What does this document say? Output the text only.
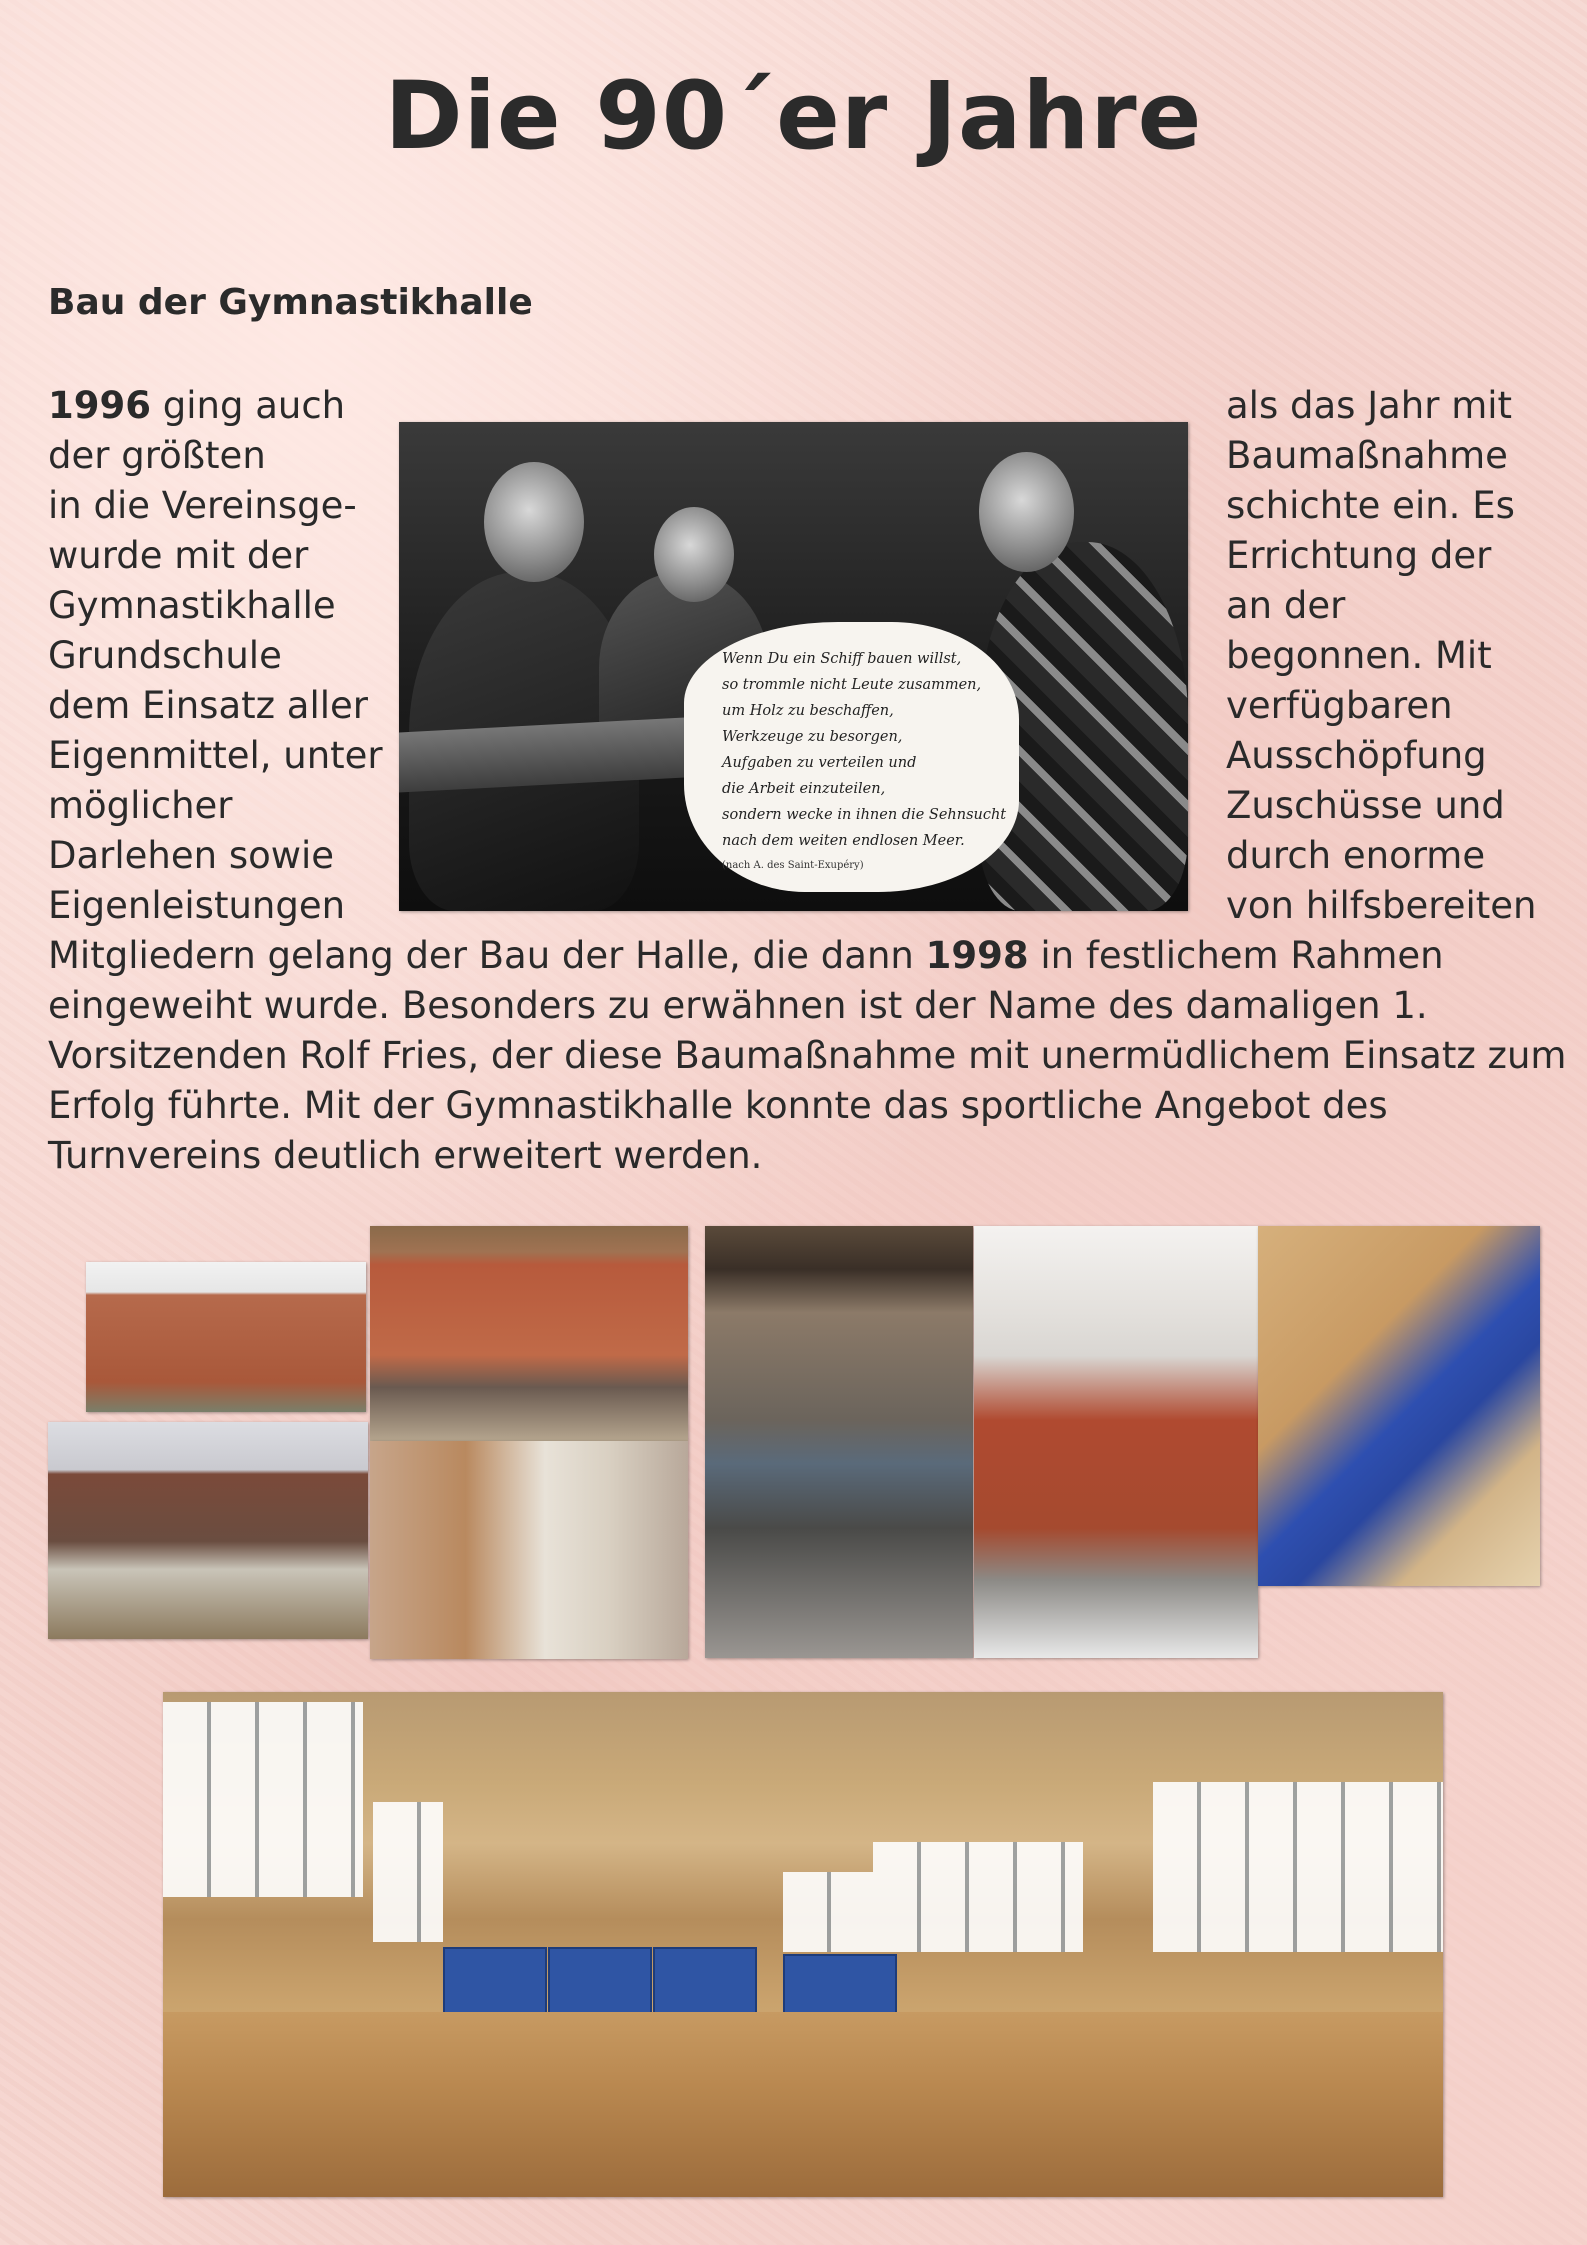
Die 90´er Jahre
Bau der Gymnastikhalle
1996 ging auch
der größten
in die Vereinsge-
wurde mit der
Gymnastikhalle
Grundschule
dem Einsatz aller
Eigenmittel, unter
möglicher
Darlehen sowie
Eigenleistungen
als das Jahr mit
Baumaßnahme
schichte ein. Es
Errichtung der
an der
begonnen. Mit
verfügbaren
Ausschöpfung
Zuschüsse und
durch enorme
von hilfsbereiten
Mitgliedern gelang der Bau der Halle, die dann 1998 in festlichem Rahmen
eingeweiht wurde. Besonders zu erwähnen ist der Name des damaligen 1.
Vorsitzenden Rolf Fries, der diese Baumaßnahme mit unermüdlichem Einsatz zum
Erfolg führte. Mit der Gymnastikhalle konnte das sportliche Angebot des
Turnvereins deutlich erweitert werden.
Wenn Du ein Schiff bauen willst,
so trommle nicht Leute zusammen,
um Holz zu beschaffen,
Werkzeuge zu besorgen,
Aufgaben zu verteilen und
die Arbeit einzuteilen,
sondern wecke in ihnen die Sehnsucht
nach dem weiten endlosen Meer.
(nach A. des Saint-Exupéry)
